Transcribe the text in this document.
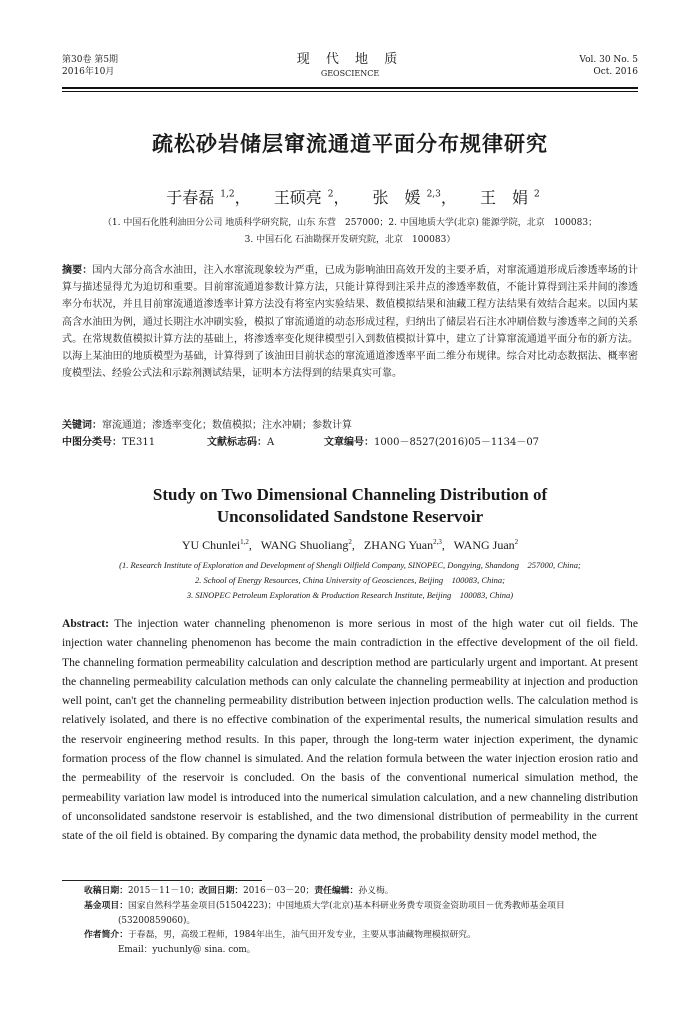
第30卷 第5期
2016年10月
现 代 地 质
GEOSCIENCE
Vol. 30 No. 5
Oct. 2016
疏松砂岩储层窜流通道平面分布规律研究
于春磊 $^{1,2}$， 王硕亮 $^2$， 张　媛 $^{2,3}$， 王　娟 $^2$
（1. 中国石化胜利油田分公司 地质科学研究院，山东 东营　257000；2. 中国地质大学(北京) 能源学院，北京　100083；
3. 中国石化 石油勘探开发研究院，北京　100083）
摘要：国内大部分高含水油田，注入水窜流现象较为严重，已成为影响油田高效开发的主要矛盾，对窜流通道形成后渗透率场的计算与描述显得尤为迫切和重要。目前窜流通道参数计算方法，只能计算得到注采井点的渗透率数值，不能计算得到注采井间的渗透率分布状况，并且目前窜流通道渗透率计算方法没有将室内实验结果、数值模拟结果和油藏工程方法结果有效结合起来。以国内某高含水油田为例，通过长期注水冲刷实验，模拟了窜流通道的动态形成过程，归纳出了储层岩石注水冲刷倍数与渗透率之间的关系式。在常规数值模拟计算方法的基础上，将渗透率变化规律模型引入到数值模拟计算中，建立了计算窜流通道平面分布的新方法。以海上某油田的地质模型为基础，计算得到了该油田目前状态的窜流通道渗透率平面二维分布规律。综合对比动态数据法、概率密度模型法、经验公式法和示踪剂测试结果，证明本方法得到的结果真实可靠。
关键词：窜流通道；渗透率变化；数值模拟；注水冲刷；参数计算
中图分类号：TE311	文献标志码：A	文章编号：1000－8527(2016)05－1134－07
Study on Two Dimensional Channeling Distribution of
Unconsolidated Sandstone Reservoir
YU Chunlei$^{1,2}$,   WANG Shuoliang$^2$,   ZHANG Yuan$^{2,3}$,   WANG Juan$^2$
(1. Research Institute of Exploration and Development of Shengli Oilfield Company, SINOPEC, Dongying, Shandong　257000, China;
2. School of Energy Resources, China University of Geosciences, Beijing　100083, China;
3. SINOPEC Petroleum Exploration & Production Research Institute, Beijing　100083, China)
Abstract: The injection water channeling phenomenon is more serious in most of the high water cut oil fields. The injection water channeling phenomenon has become the main contradiction in the effective development of the oil field. The channeling formation permeability calculation and description method are particularly urgent and important. At present the channeling permeability calculation methods can only calculate the channeling permeability at injection and production well point, can't get the channeling permeability distribution between injection production wells. The calculation method is relatively isolated, and there is no effective combination of the experimental results, the numerical simulation results and the reservoir engineering method results. In this paper, through the long-term water injection experiment, the dynamic formation process of the flow channel is simulated. And the relation formula between the water injection erosion ratio and the permeability of the reservoir is concluded. On the basis of the conventional numerical simulation method, the permeability variation law model is introduced into the numerical simulation calculation, and a new channeling distribution of unconsolidated sandstone reservoir is established, and the two dimensional distribution of permeability in the current state of the oil field is obtained. By comparing the dynamic data method, the probability density model method, the
收稿日期：2015－11－10；改回日期：2016－03－20；责任编辑：孙义梅。
基金项目：国家自然科学基金项目(51504223)；中国地质大学(北京)基本科研业务费专项资金资助项目－优秀教师基金项目
(53200859060)。
作者简介：于春磊，男，高级工程师，1984年出生，油气田开发专业，主要从事油藏物理模拟研究。
Email：yuchunly@ sina. com。
